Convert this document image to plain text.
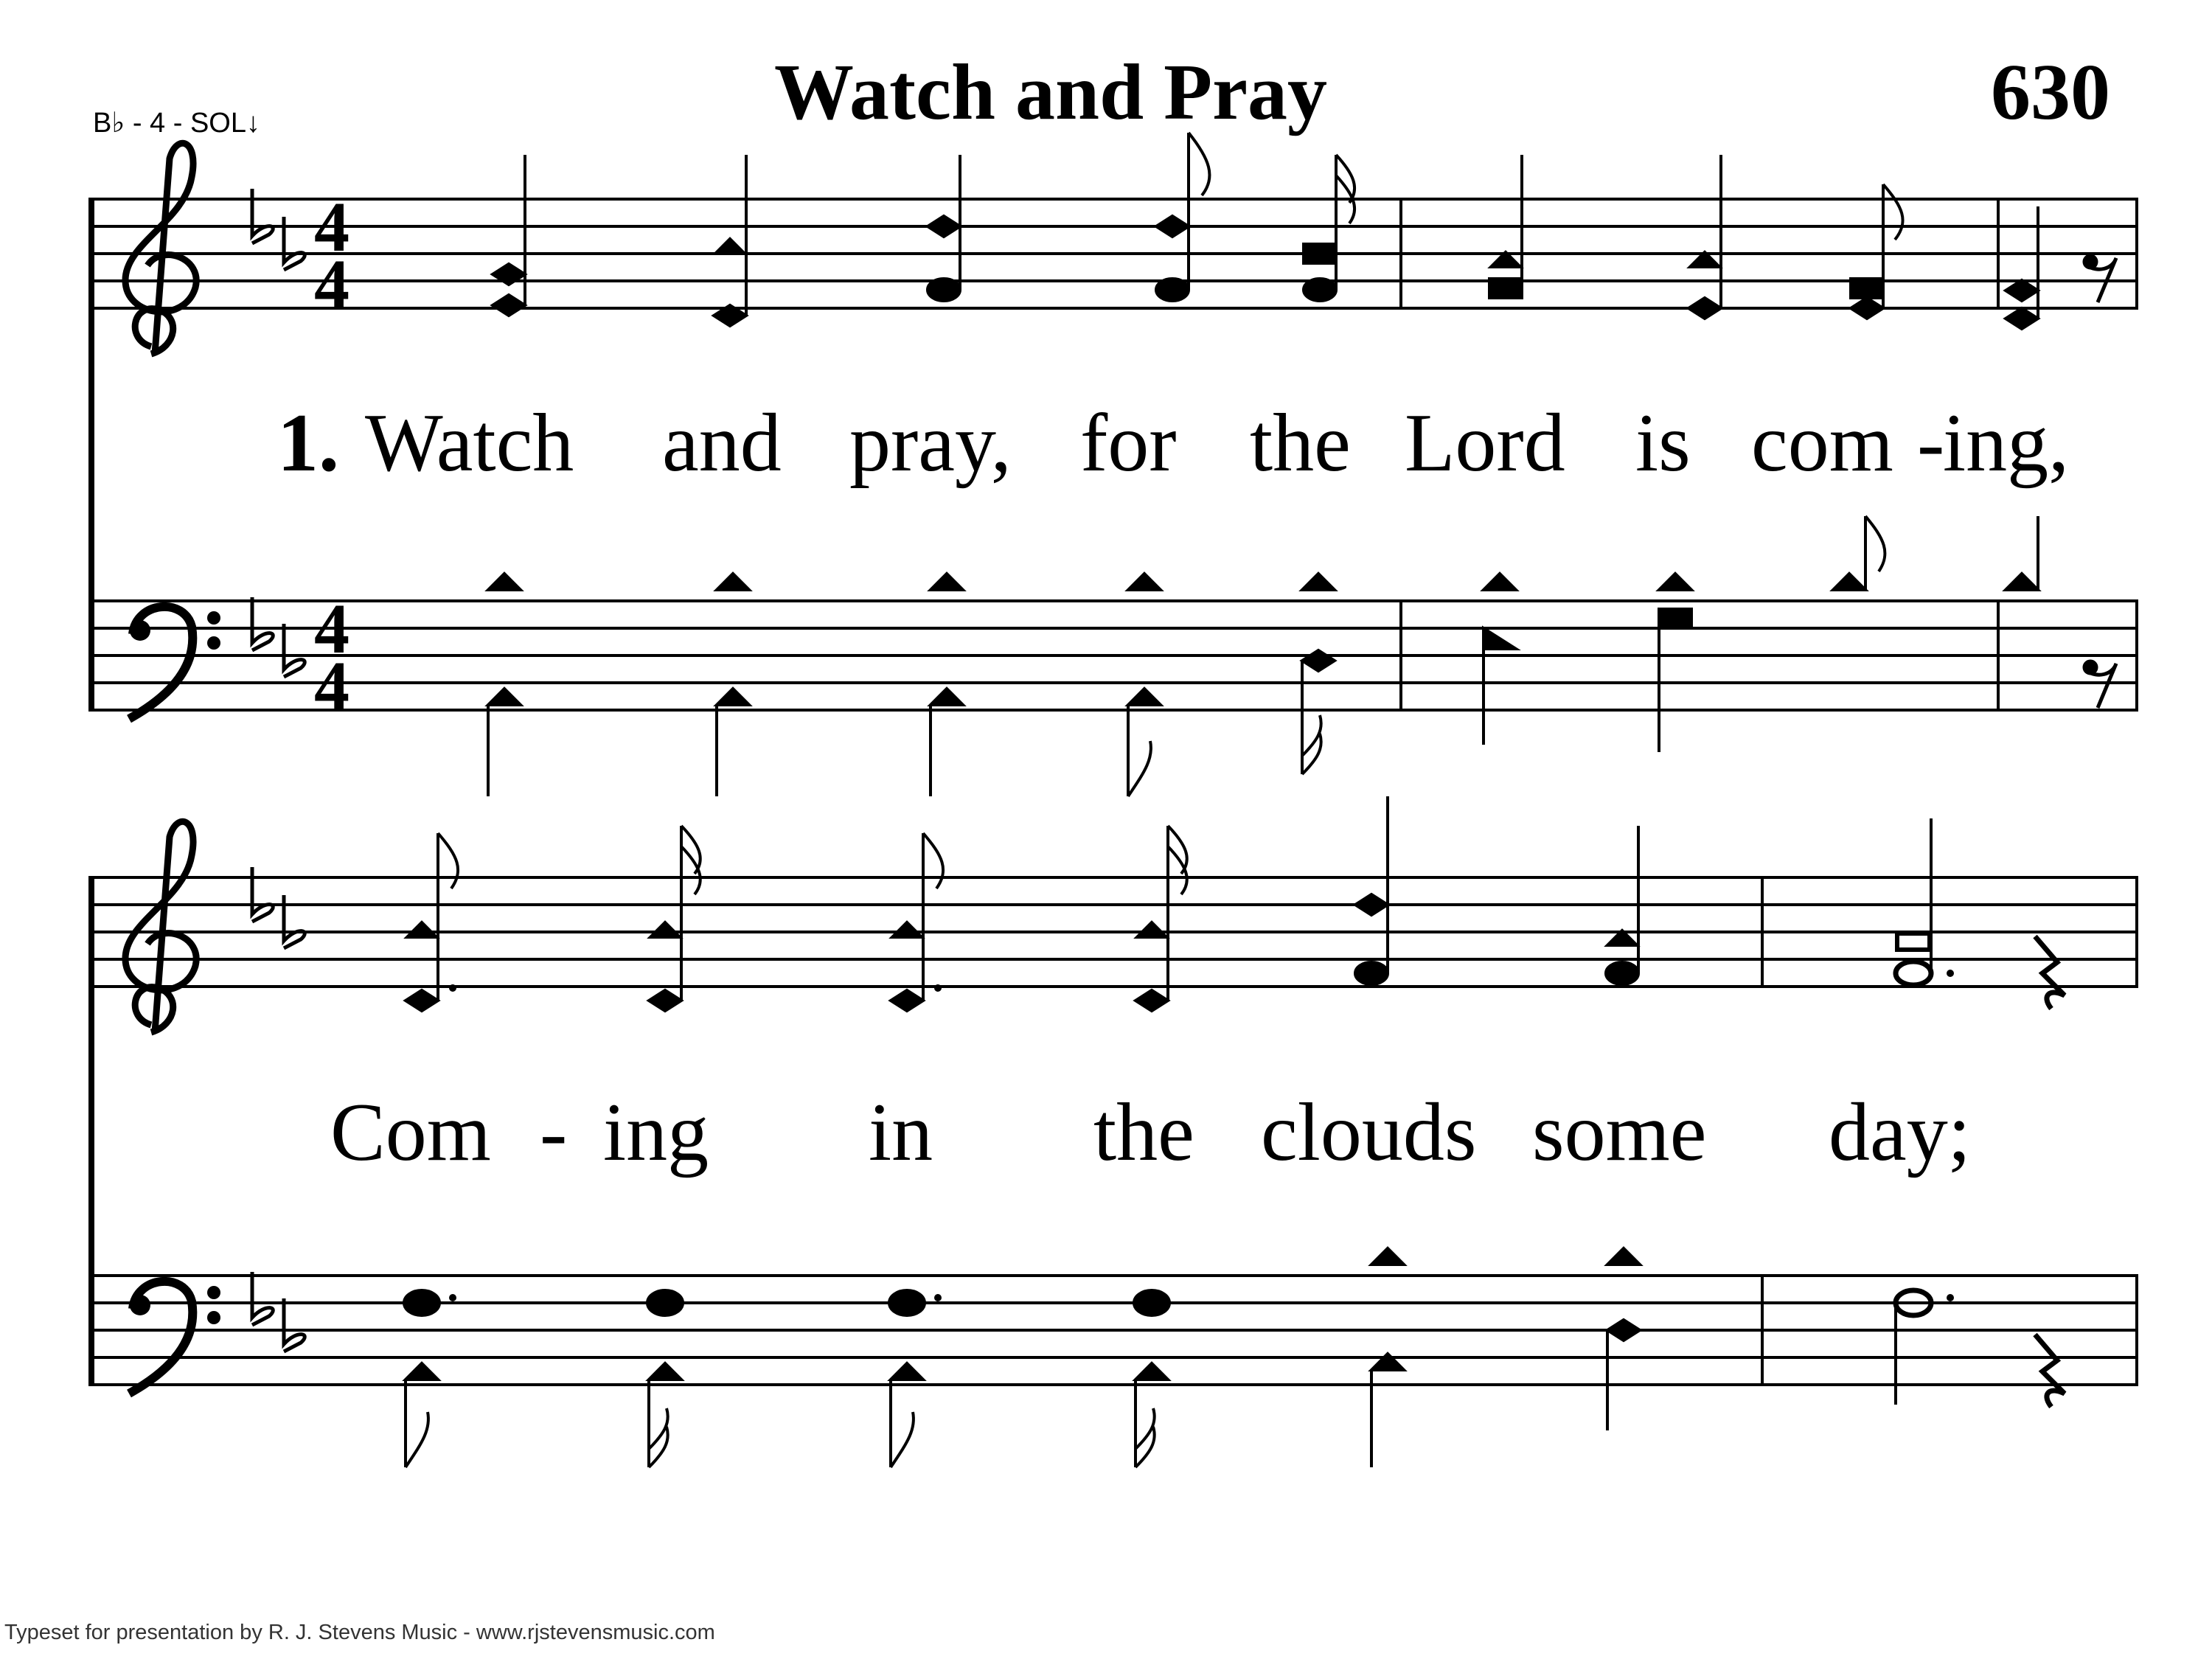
B♭ - 4 - SOL↓	Watch and Pray	630
4
4
4
4
1. Watch and pray, for the Lord is com -
ing,
Com - ing in the clouds some day;
Typeset for presentation by R. J. Stevens Music - www.rjstevensmusic.com
